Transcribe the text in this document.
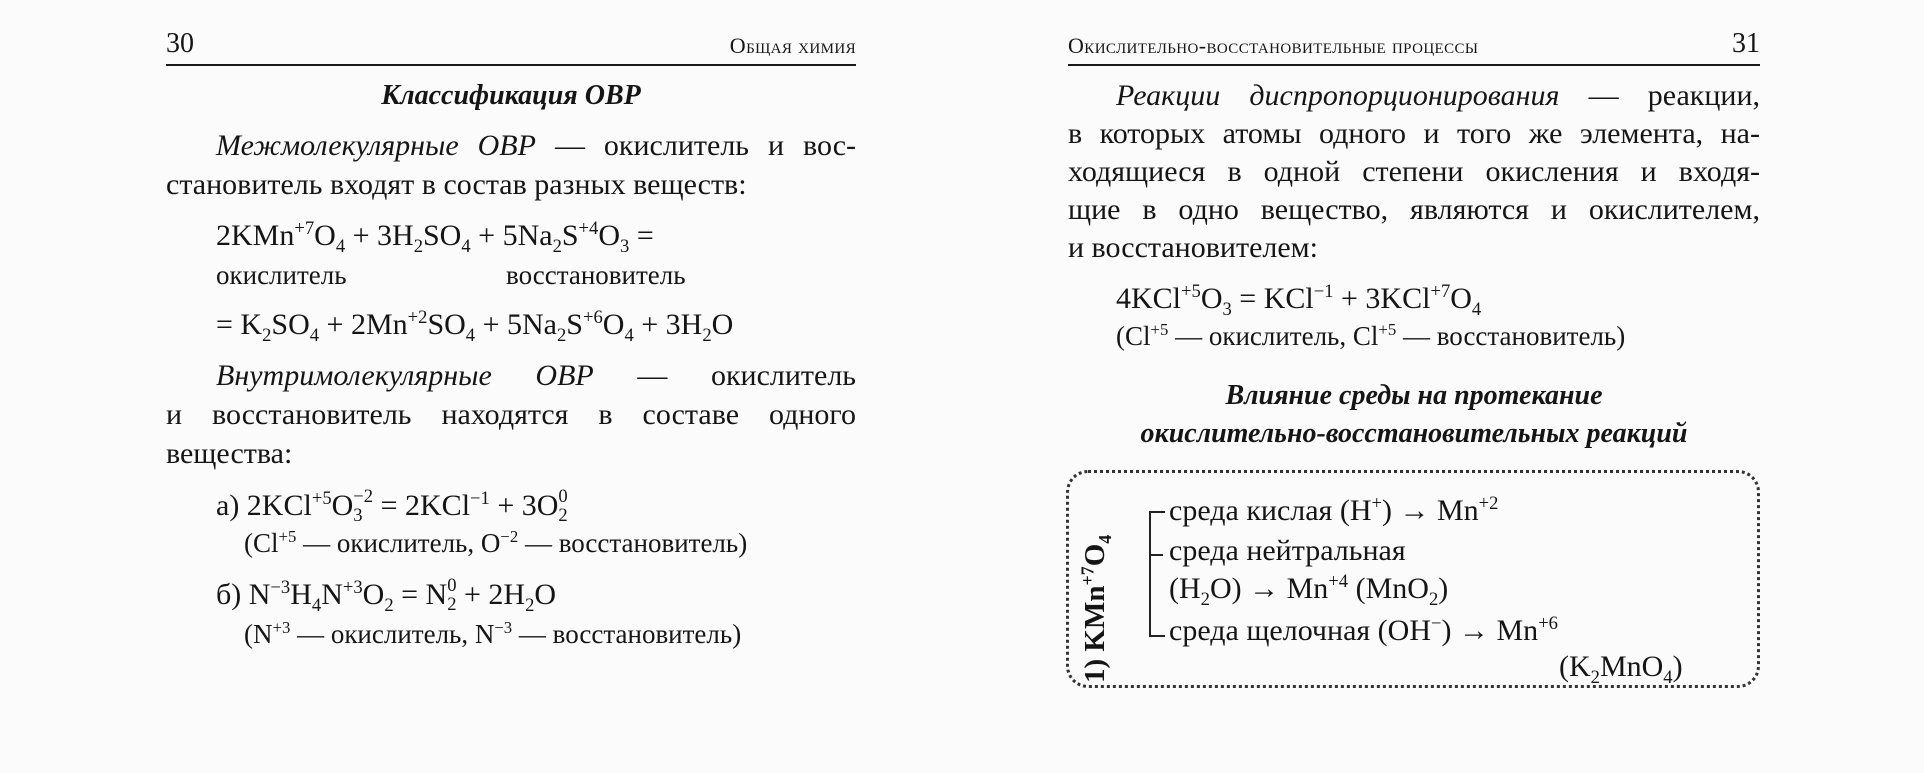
30	Общая химия
Классификация ОВР
Межмолекулярные ОВР — окислитель и вос-
становитель входят в состав разных веществ:
$2KMn^{+7}O_4 + 3H_2SO_4 + 5Na_2S^{+4}O_3$ =
окислитель	восстановитель
= $K_2SO_4 + 2Mn^{+2}SO_4 + 5Na_2S^{+6}O_4 + 3H_2O$
Внутримолекулярные ОВР — окислитель
и восстановитель находятся в составе одного
вещества:
а) 2KCl$^{+5}$O −2
3 = 2KCl$^{-1}$ + 3O 0
2
($Cl^{+5}$ — окислитель, $O^{-2}$ — восстановитель)
б) $N^{-3}H_4N^{+3}O_2 = N$ 0
$2 + 2H_2O$
($N^{+3}$ — окислитель, $N^{-3}$ — восстановитель)
Окислительно-восстановительные процессы	31
Реакции диспропорционирования — реакции,
в которых атомы одного и того же элемента, на-
ходящиеся в одной степени окисления и входя-
щие в одно вещество, являются и окислителем,
и восстановителем:
$4KCl^{+5}O_3 = KCl^{-1} + 3KCl^{+7}O_4$
($Cl^{+5}$ — окислитель, $Cl^{+5}$ — восстановитель)
Влияние среды на протекание
окислительно-восстановительных реакций
1) $KMn^{+7}O_4$
среда кислая $(H^+) \to Mn^{+2}$
среда нейтральная
$(H_2O) \to Mn^{+4}$ (MnO$_2$)
среда щелочная $(OH^-) \to Mn^{+6}$
$(K_2MnO_4)$
